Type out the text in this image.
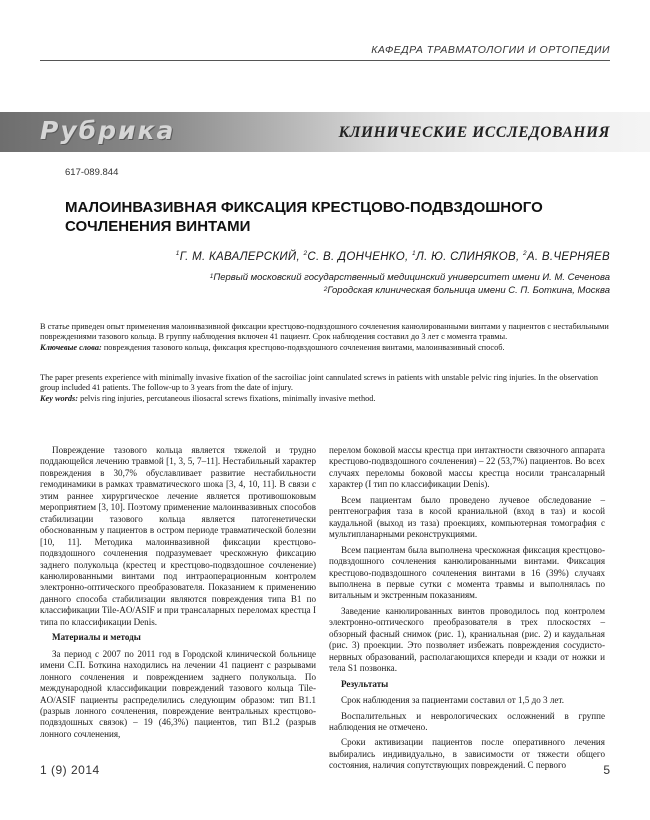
КАФЕДРА ТРАВМАТОЛОГИИ И ОРТОПЕДИИ
Рубрика	КЛИНИЧЕСКИЕ ИССЛЕДОВАНИЯ
617-089.844
МАЛОИНВАЗИВНАЯ ФИКСАЦИЯ КРЕСТЦОВО-ПОДВЗДОШНОГО СОЧЛЕНЕНИЯ ВИНТАМИ
$^1$Г. М. КАВАЛЕРСКИЙ, $^2$С. В. ДОНЧЕНКО, $^1$Л. Ю. СЛИНЯКОВ, $^2$А. В.ЧЕРНЯЕВ
$^1$Первый московский государственный медицинский университет имени И. М. Сеченова
$^2$Городская клиническая больница имени С. П. Боткина, Москва

В статье приведен опыт применения малоинвазивной фиксации крестцово-подвздошного сочленения канюлированными винтами у пациентов с нестабильными повреждениями тазового кольца. В группу наблюдения включен 41 пациент. Срок наблюдения составил до 3 лет с момента травмы.

Ключевые слова: повреждения тазового кольца, фиксация крестцово-подвздошного сочленения винтами, малоинвазивный способ.

The paper presents experience with minimally invasive fixation of the sacroiliac joint cannulated screws in patients with unstable pelvic ring injuries. In the observation group included 41 patients. The follow-up to 3 years from the date of injury.

Key words: pelvis ring injuries, percutaneous iliosacral screws fixations, minimally invasive method.

Повреждение тазового кольца является тяжелой и трудно поддающейся лечению травмой [1, 3, 5, 7–11]. Нестабильный характер повреждения в 30,7% обуславливает развитие нестабильности гемодинамики в рамках травматического шока [3, 4, 10, 11]. В связи с этим раннее хирургическое лечение является противошоковым мероприятием [3, 10]. Поэтому применение малоинвазивных способов стабилизации тазового кольца является патогенетически обоснованным у пациентов в остром периоде травматической болезни [10, 11]. Методика малоинвазивной фиксации крестцово-подвздошного сочленения подразумевает чрескожную фиксацию заднего полукольца (крестец и крестцово-подвздошное сочленение) канюлированными винтами под интраоперационным контролем электронно-оптического преобразователя. Показанием к применению данного способа стабилизации являются повреждения типа B1 по классификации Tile-AO/ASIF и при трансаларных переломах крестца I типа по классификации Denis.

Материалы и методы

За период с 2007 по 2011 год в Городской клинической больнице имени С.П. Боткина находились на лечении 41 пациент с разрывами лонного сочленения и повреждением заднего полукольца. По международной классификации повреждений тазового кольца Tile-AO/ASIF пациенты распределились следующим образом: тип B1.1 (разрыв лонного сочленения, повреждение вентральных крестцово-подвздошных связок) – 19 (46,3%) пациентов, тип B1.2 (разрыв лонного сочленения,

перелом боковой массы крестца при интактности связочного аппарата крестцово-подвздошного сочленения) – 22 (53,7%) пациентов. Во всех случаях переломы боковой массы крестца носили трансаларный характер (I тип по классификации Denis).

Всем пациентам было проведено лучевое обследование – рентгенография таза в косой краниальной (вход в таз) и косой каудальной (выход из таза) проекциях, компьютерная томография с мультипланарными реконструкциями.

Всем пациентам была выполнена чрескожная фиксация крестцово-подвздошного сочленения канюлированными винтами. Фиксация крестцово-подвздошного сочленения винтами в 16 (39%) случаях выполнена в первые сутки с момента травмы и выполнялась по витальным и экстренным показаниям.

Заведение канюлированных винтов проводилось под контролем электронно-оптического преобразователя в трех плоскостях – обзорный фасный снимок (рис. 1), краниальная (рис. 2) и каудальная (рис. 3) проекции. Это позволяет избежать повреждения сосудисто-нервных образований, располагающихся кпереди и кзади от ножки и тела S1 позвонка.

Результаты

Срок наблюдения за пациентами составил от 1,5 до 3 лет.

Воспалительных и неврологических осложнений в группе наблюдения не отмечено.

Сроки активизации пациентов после оперативного лечения выбирались индивидуально, в зависимости от тяжести общего состояния, наличия сопутствующих повреждений. С первого

1 (9) 2014	5
